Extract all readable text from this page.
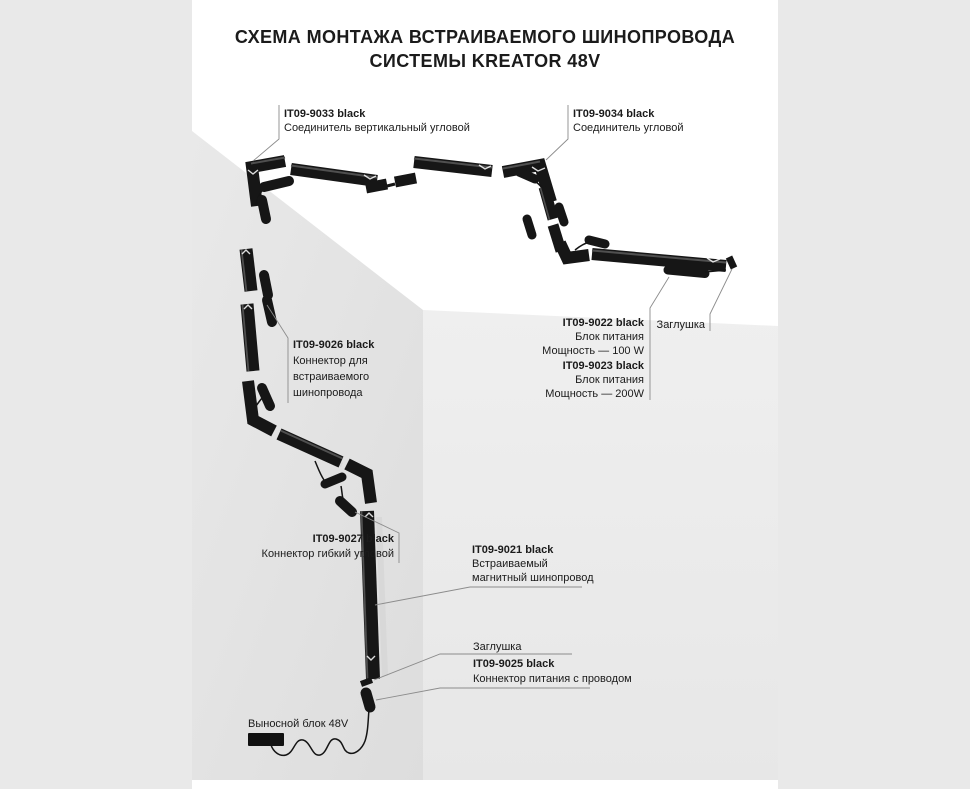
СХЕМА МОНТАЖА ВСТРАИВАЕМОГО ШИНОПРОВОДА
СИСТЕМЫ KREATOR 48V
IT09-9033 black
Соединитель вертикальный угловой
IT09-9034 black
Соединитель угловой
IT09-9026 black
Коннектор для
встраиваемого
шинопровода
IT09-9022 black
Блок питания
Мощность — 100 W
IT09-9023 black
Блок питания
Мощность — 200W
Заглушка
IT09-9027 black
Коннектор гибкий угловой	IT09-9021 black
Встраиваемый
магнитный шинопровод
Заглушка
IT09-9025 black
Коннектор питания с проводом
Выносной блок 48V
